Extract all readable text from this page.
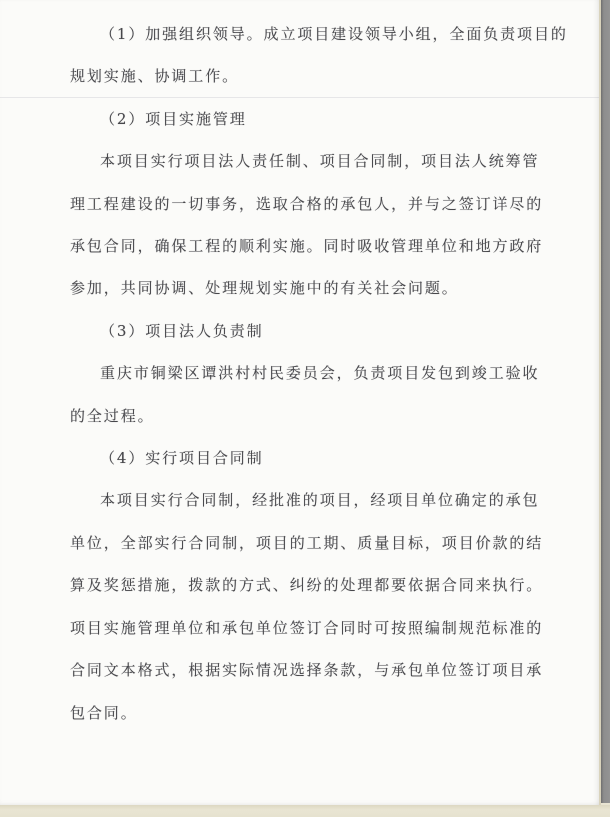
（1）加强组织领导。成立项目建设领导小组，全面负责项目的
规划实施、协调工作。
（2）项目实施管理
本项目实行项目法人责任制、项目合同制，项目法人统筹管
理工程建设的一切事务，选取合格的承包人，并与之签订详尽的
承包合同，确保工程的顺利实施。同时吸收管理单位和地方政府
参加，共同协调、处理规划实施中的有关社会问题。
（3）项目法人负责制
重庆市铜梁区谭洪村村民委员会，负责项目发包到竣工验收
的全过程。
（4）实行项目合同制
本项目实行合同制，经批准的项目，经项目单位确定的承包
单位，全部实行合同制，项目的工期、质量目标，项目价款的结
算及奖惩措施，拨款的方式、纠纷的处理都要依据合同来执行。
项目实施管理单位和承包单位签订合同时可按照编制规范标准的
合同文本格式，根据实际情况选择条款，与承包单位签订项目承
包合同。
